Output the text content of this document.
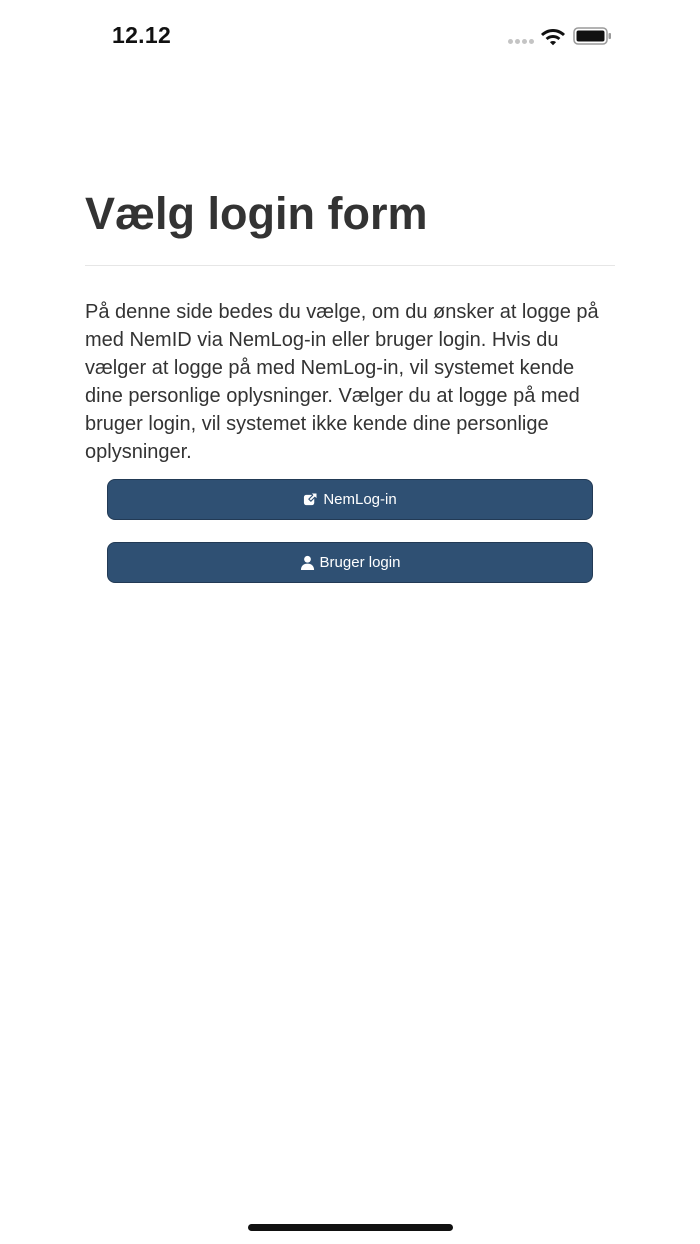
12.12
Vælg login form

På denne side bedes du vælge, om du ønsker at logge på med NemID via NemLog-in eller bruger login. Hvis du vælger at logge på med NemLog-in, vil systemet kende dine personlige oplysninger. Vælger du at logge på med bruger login, vil systemet ikke kende dine personlige oplysninger.

NemLog-in
Bruger login
